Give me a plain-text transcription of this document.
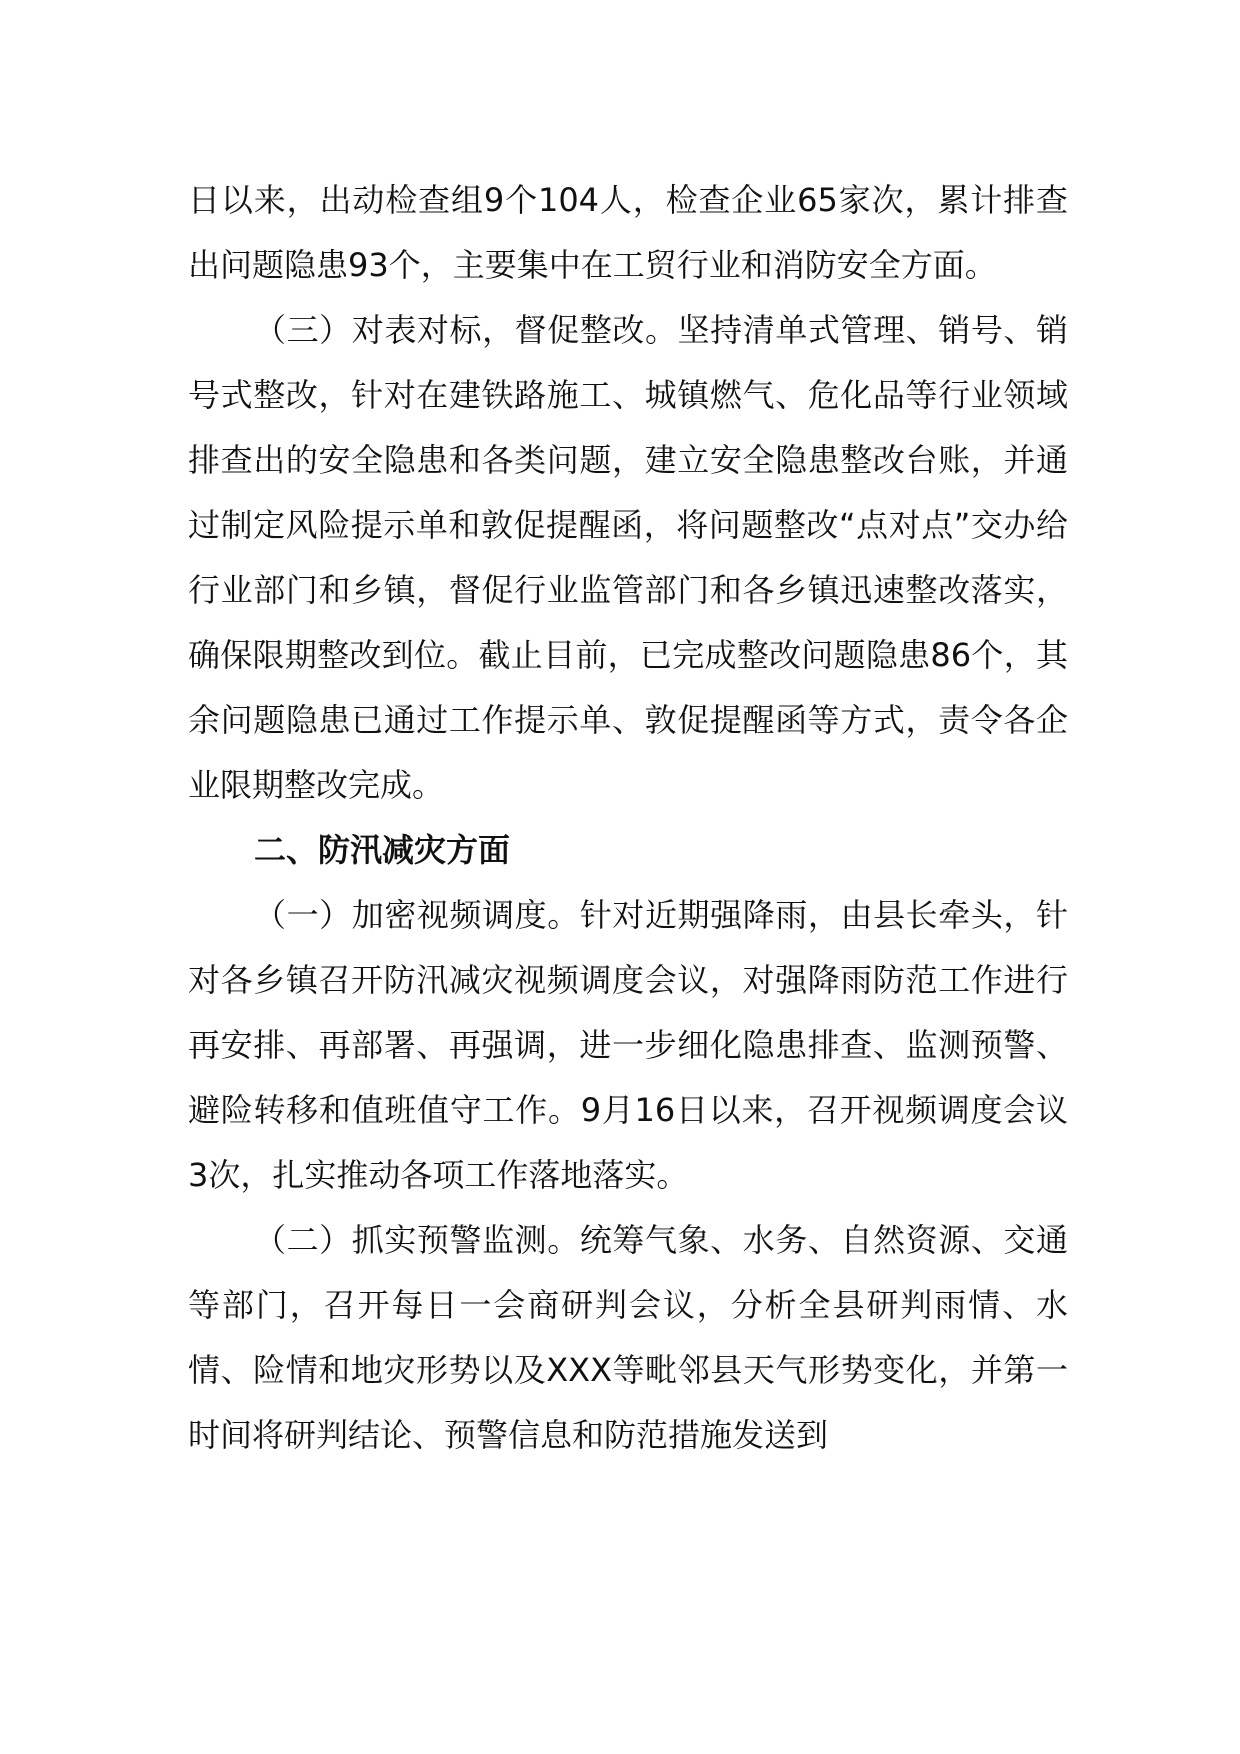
日以来，出动检查组9个104人，检查企业65家次，累计排查出问题隐患93个，主要集中在工贸行业和消防安全方面。

（三）对表对标，督促整改。坚持清单式管理、销号、销号式整改，针对在建铁路施工、城镇燃气、危化品等行业领域排查出的安全隐患和各类问题，建立安全隐患整改台账，并通过制定风险提示单和敦促提醒函，将问题整改“点对点”交办给行业部门和乡镇，督促行业监管部门和各乡镇迅速整改落实，确保限期整改到位。截止目前，已完成整改问题隐患86个，其余问题隐患已通过工作提示单、敦促提醒函等方式，责令各企业限期整改完成。

二、防汛减灾方面

（一）加密视频调度。针对近期强降雨，由县长牵头，针对各乡镇召开防汛减灾视频调度会议，对强降雨防范工作进行再安排、再部署、再强调，进一步细化隐患排查、监测预警、避险转移和值班值守工作。9月16日以来，召开视频调度会议3次，扎实推动各项工作落地落实。

（二）抓实预警监测。统筹气象、水务、自然资源、交通等部门，召开每日一会商研判会议，分析全县研判雨情、水情、险情和地灾形势以及XXX等毗邻县天气形势变化，并第一时间将研判结论、预警信息和防范措施发送到
